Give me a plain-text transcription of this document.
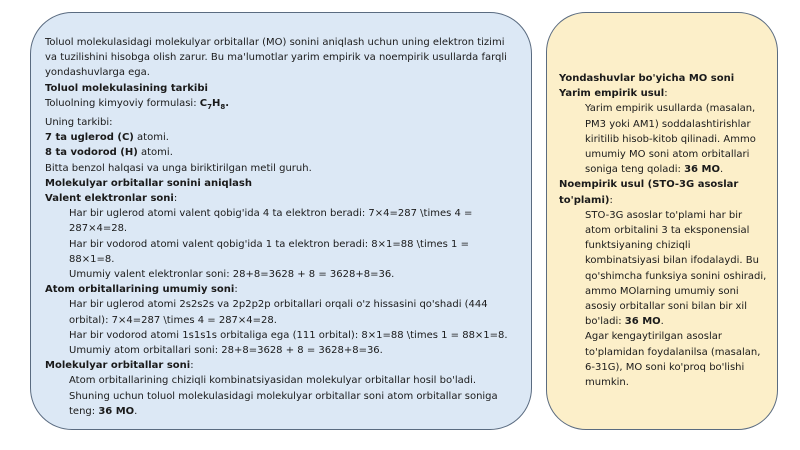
Toluol molekulasidagi molekulyar orbitallar (MO) sonini aniqlash uchun uning elektron tizimi va tuzilishini hisobga olish zarur. Bu ma'lumotlar yarim empirik va noempirik usullarda farqli yondashuvlarga ega.
Toluol molekulasining tarkibi
Toluolning kimyoviy formulasi: $C_7H_8$.
Uning tarkibi:
7 ta uglerod (C) atomi.
8 ta vodorod (H) atomi.
Bitta benzol halqasi va unga biriktirilgan metil guruh.
Molekulyar orbitallar sonini aniqlash
Valent elektronlar soni:
Har bir uglerod atomi valent qobig'ida 4 ta elektron beradi: 7×4=287 \times 4 = 287×4=28.
Har bir vodorod atomi valent qobig'ida 1 ta elektron beradi: 8×1=88 \times 1 = 88×1=8.
Umumiy valent elektronlar soni: 28+8=3628 + 8 = 3628+8=36.
Atom orbitallarining umumiy soni:
Har bir uglerod atomi 2s2s2s va 2p2p2p orbitallari orqali o'z hissasini qo'shadi (444 orbital): 7×4=287 \times 4 = 287×4=28.
Har bir vodorod atomi 1s1s1s orbitaliga ega (111 orbital): 8×1=88 \times 1 = 88×1=8.
Umumiy atom orbitallari soni: 28+8=3628 + 8 = 3628+8=36.
Molekulyar orbitallar soni:
Atom orbitallarining chiziqli kombinatsiyasidan molekulyar orbitallar hosil bo'ladi. Shuning uchun toluol molekulasidagi molekulyar orbitallar soni atom orbitallar soniga teng: 36 MO.
Yondashuvlar bo'yicha MO soni
Yarim empirik usul:
Yarim empirik usullarda (masalan, PM3 yoki AM1) soddalashtirishlar kiritilib hisob-kitob qilinadi. Ammo umumiy MO soni atom orbitallari soniga teng qoladi: 36 MO.
Noempirik usul (STO-3G asoslar to'plami):
STO-3G asoslar to'plami har bir atom orbitalini 3 ta eksponensial funktsiyaning chiziqli kombinatsiyasi bilan ifodalaydi. Bu qo'shimcha funksiya sonini oshiradi, ammo MOlarning umumiy soni asosiy orbitallar soni bilan bir xil bo'ladi: 36 MO.
Agar kengaytirilgan asoslar to'plamidan foydalanilsa (masalan, 6-31G), MO soni ko'proq bo'lishi mumkin.
